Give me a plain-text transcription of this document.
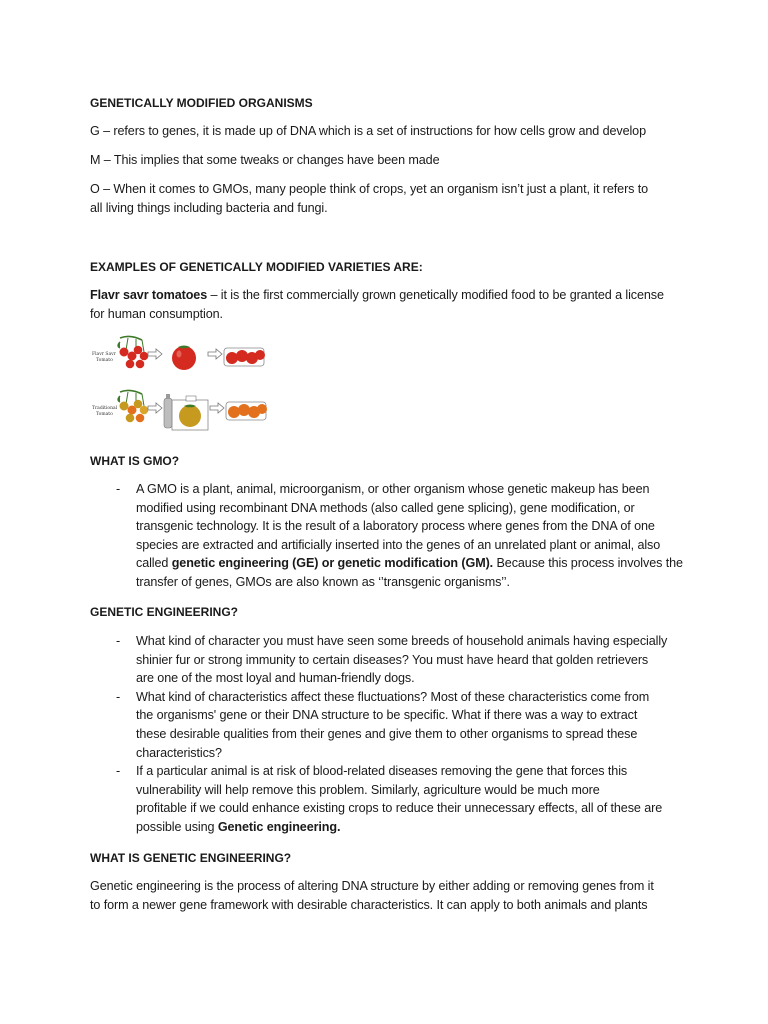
GENETICALLY MODIFIED ORGANISMS

G – refers to genes, it is made up of DNA which is a set of instructions for how cells grow and develop

M – This implies that some tweaks or changes have been made

O – When it comes to GMOs, many people think of crops, yet an organism isn’t just a plant, it refers to
all living things including bacteria and fungi.

EXAMPLES OF GENETICALLY MODIFIED VARIETIES ARE:

Flavr savr tomatoes – it is the first commercially grown genetically modified food to be granted a license
for human consumption.
Flavr Savr
Tomato
Traditional
Tomato

WHAT IS GMO?

- A GMO is a plant, animal, microorganism, or other organism whose genetic makeup has been
modified using recombinant DNA methods (also called gene splicing), gene modification, or
transgenic technology. It is the result of a laboratory process where genes from the DNA of one
species are extracted and artificially inserted into the genes of an unrelated plant or animal, also
called genetic engineering (GE) or genetic modification (GM). Because this process involves the
transfer of genes, GMOs are also known as ‘’transgenic organisms’’.

GENETIC ENGINEERING?

- What kind of character you must have seen some breeds of household animals having especially
shinier fur or strong immunity to certain diseases? You must have heard that golden retrievers
are one of the most loyal and human-friendly dogs.
- What kind of characteristics affect these fluctuations? Most of these characteristics come from
the organisms' gene or their DNA structure to be specific. What if there was a way to extract
these desirable qualities from their genes and give them to other organisms to spread these
characteristics?
- If a particular animal is at risk of blood-related diseases removing the gene that forces this
vulnerability will help remove this problem. Similarly, agriculture would be much more
profitable if we could enhance existing crops to reduce their unnecessary effects, all of these are
possible using Genetic engineering.

WHAT IS GENETIC ENGINEERING?

Genetic engineering is the process of altering DNA structure by either adding or removing genes from it
to form a newer gene framework with desirable characteristics. It can apply to both animals and plants
